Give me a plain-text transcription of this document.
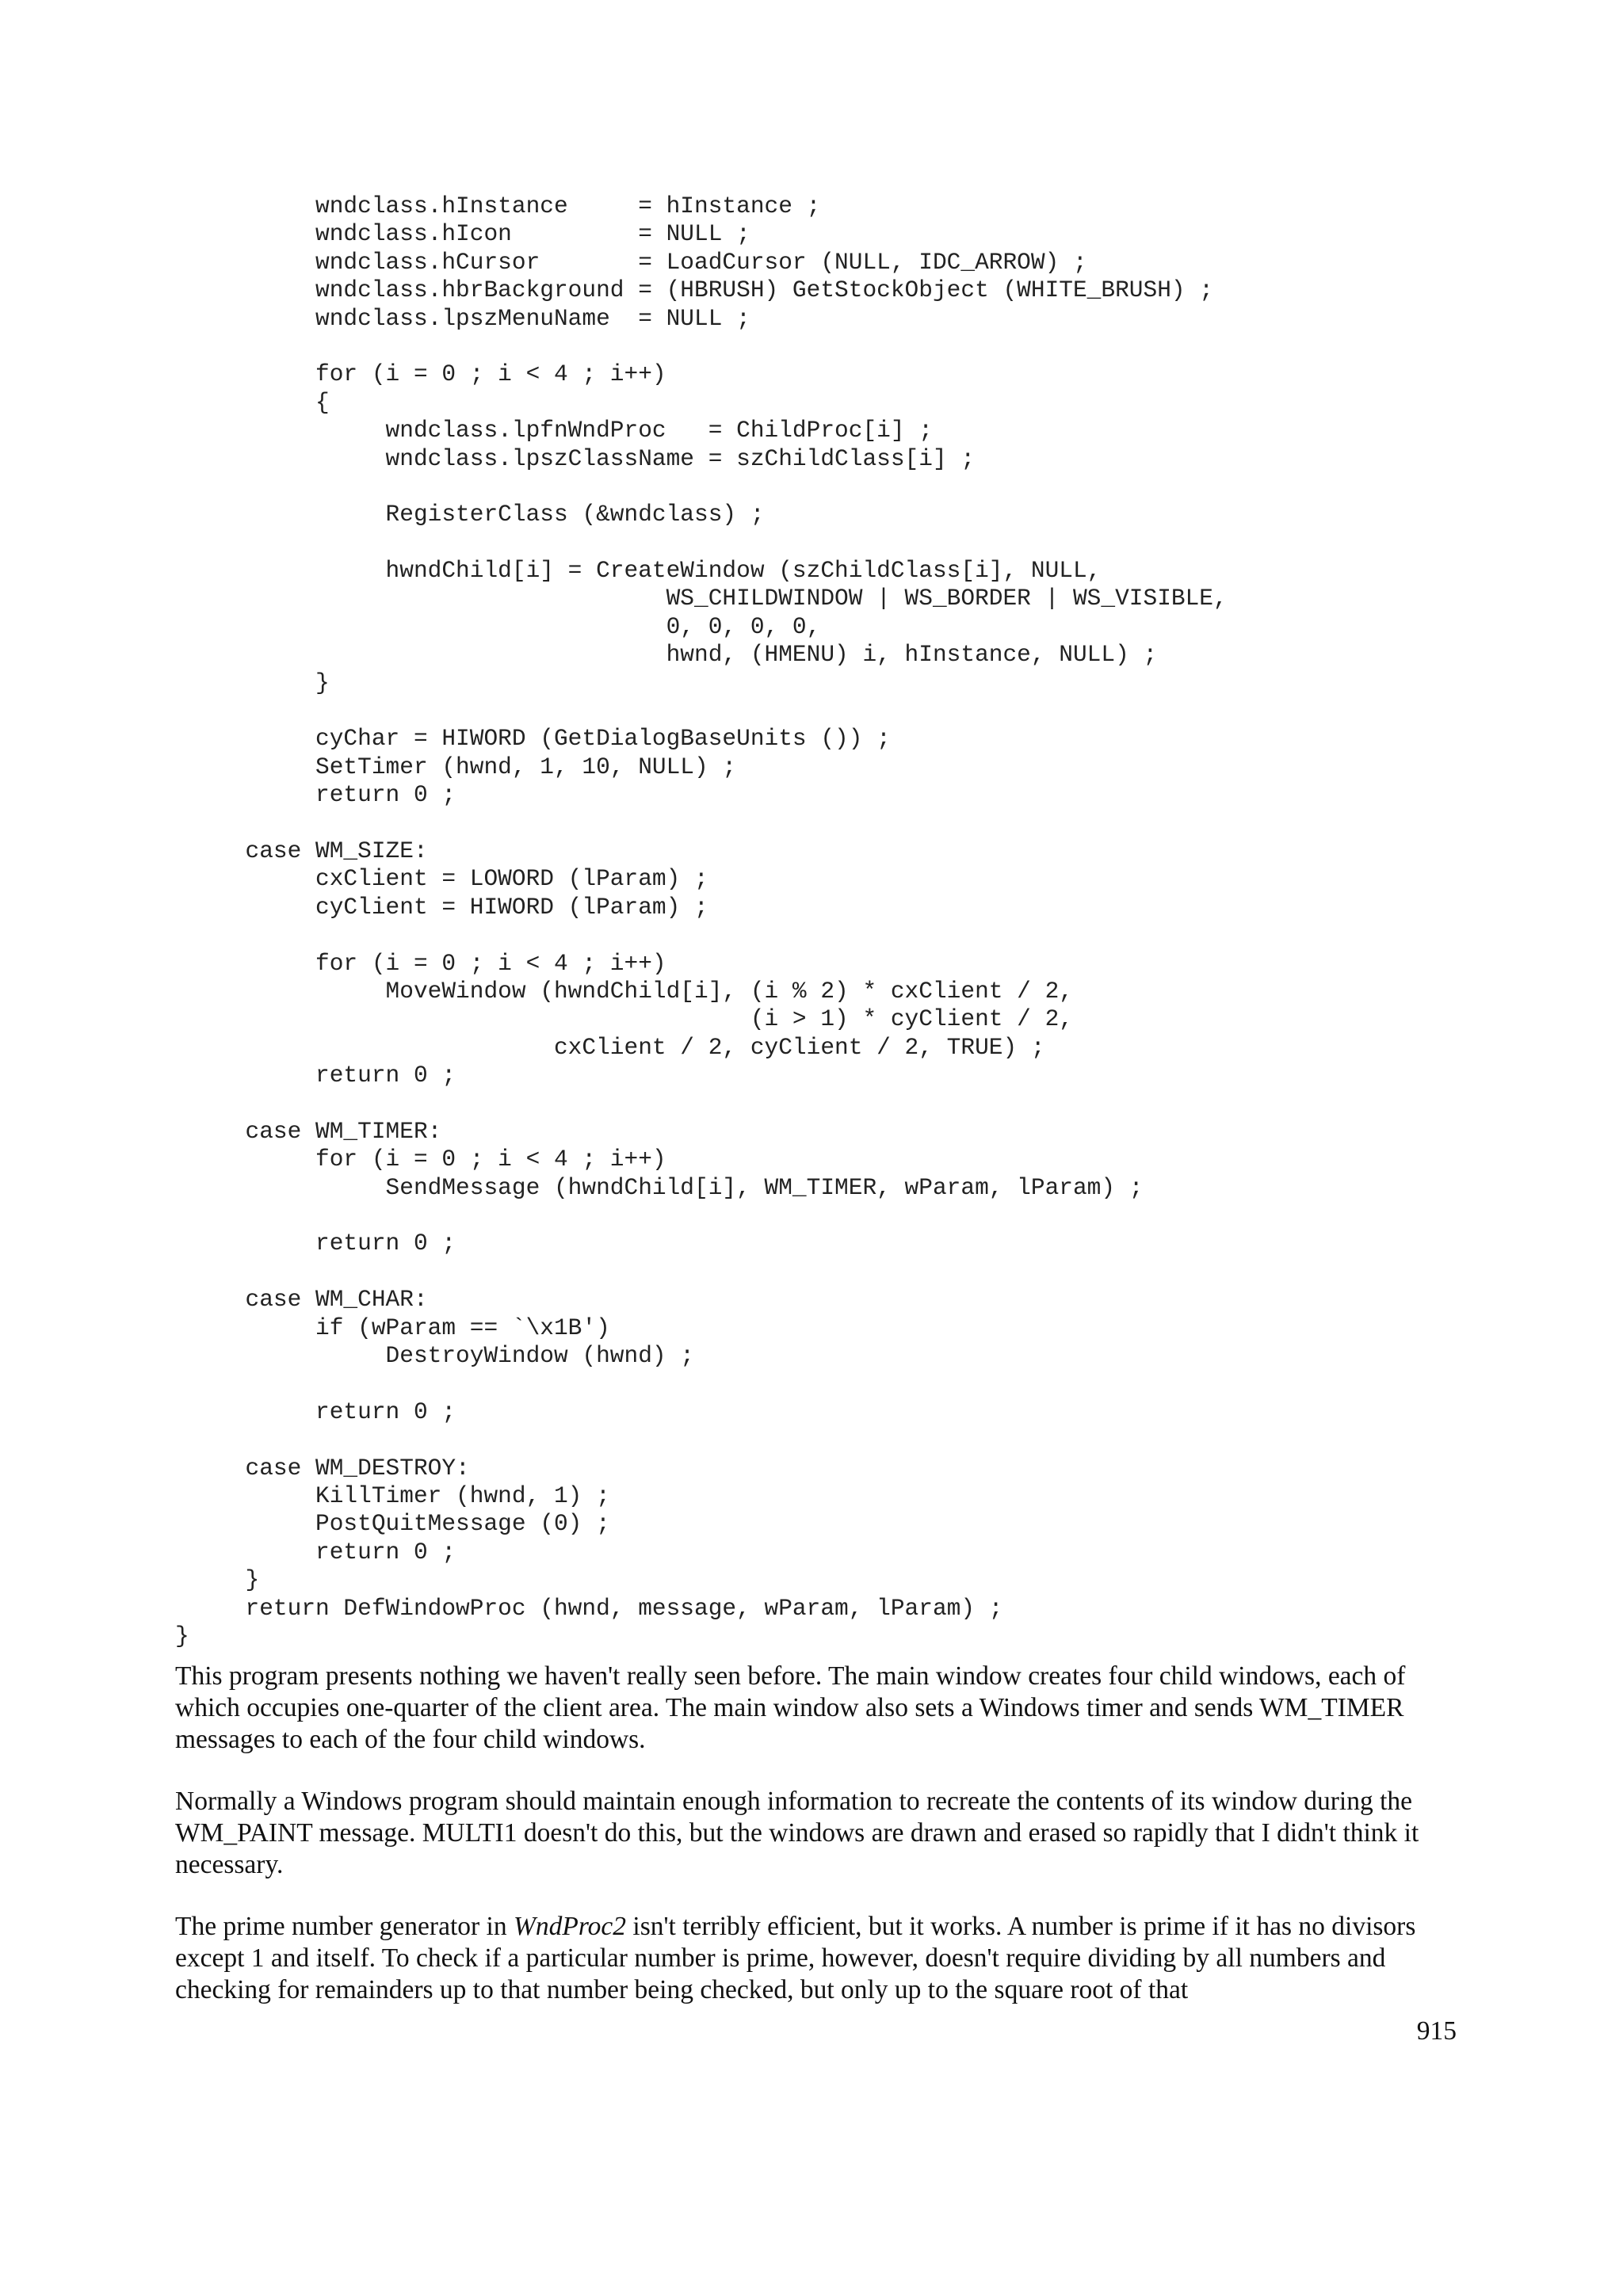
wndclass.hInstance     = hInstance ;
wndclass.hIcon         = NULL ;
wndclass.hCursor       = LoadCursor (NULL, IDC_ARROW) ;
wndclass.hbrBackground = (HBRUSH) GetStockObject (WHITE_BRUSH) ;
wndclass.lpszMenuName  = NULL ;
for (i = 0 ; i < 4 ; i++)
{
wndclass.lpfnWndProc   = ChildProc[i] ;
wndclass.lpszClassName = szChildClass[i] ;
RegisterClass (&wndclass) ;
hwndChild[i] = CreateWindow (szChildClass[i], NULL,
WS_CHILDWINDOW | WS_BORDER | WS_VISIBLE,
0, 0, 0, 0,
hwnd, (HMENU) i, hInstance, NULL) ;
}
cyChar = HIWORD (GetDialogBaseUnits ()) ;
SetTimer (hwnd, 1, 10, NULL) ;
return 0 ;
case WM_SIZE:
cxClient = LOWORD (lParam) ;
cyClient = HIWORD (lParam) ;
for (i = 0 ; i < 4 ; i++)
MoveWindow (hwndChild[i], (i % 2) * cxClient / 2,
(i > 1) * cyClient / 2,
cxClient / 2, cyClient / 2, TRUE) ;
return 0 ;
case WM_TIMER:
for (i = 0 ; i < 4 ; i++)
SendMessage (hwndChild[i], WM_TIMER, wParam, lParam) ;
return 0 ;
case WM_CHAR:
if (wParam == `\x1B')
DestroyWindow (hwnd) ;
return 0 ;
case WM_DESTROY:
KillTimer (hwnd, 1) ;
PostQuitMessage (0) ;
return 0 ;
}
return DefWindowProc (hwnd, message, wParam, lParam) ;
}

This program presents nothing we haven't really seen before. The main window creates four child windows, each of which occupies one-quarter of the client area. The main window also sets a Windows timer and sends WM_TIMER messages to each of the four child windows.

Normally a Windows program should maintain enough information to recreate the contents of its window during the WM_PAINT message. MULTI1 doesn't do this, but the windows are drawn and erased so rapidly that I didn't think it necessary.

The prime number generator in WndProc2 isn't terribly efficient, but it works. A number is prime if it has no divisors except 1 and itself. To check if a particular number is prime, however, doesn't require dividing by all numbers and checking for remainders up to that number being checked, but only up to the square root of that

915
